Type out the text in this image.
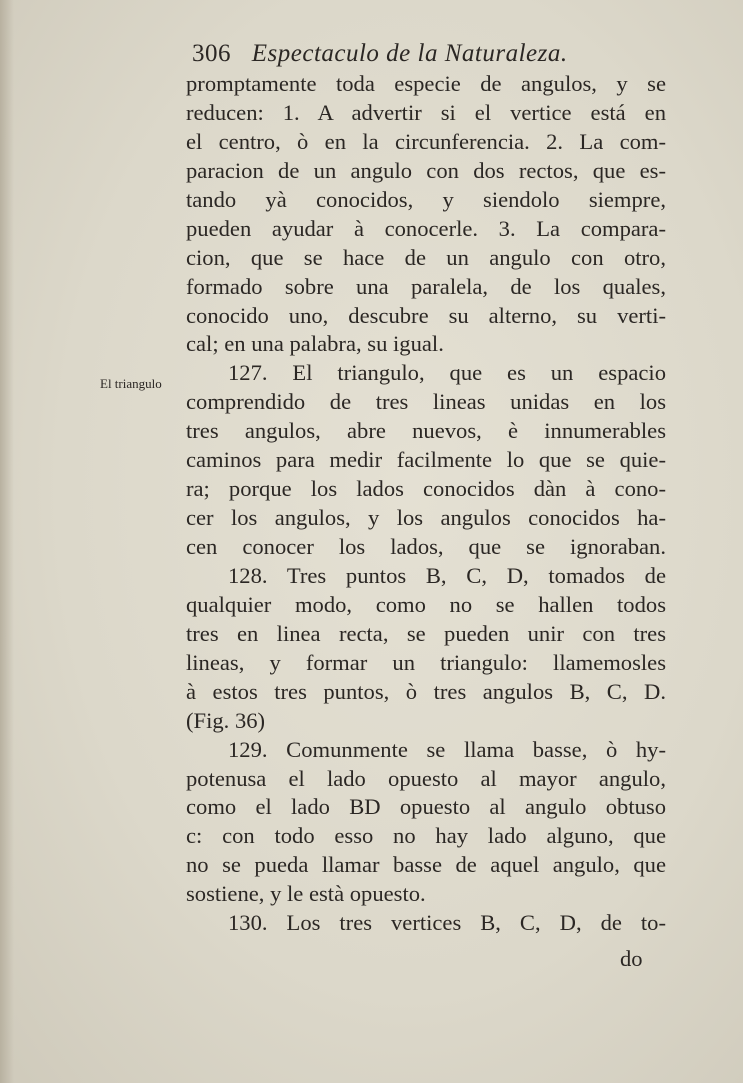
306 Espectaculo de la Naturaleza.
El triangulo
promptamente toda especie de angulos, y se
reducen: 1. A advertir si el vertice está en
el centro, ò en la circunferencia. 2. La com-
paracion de un angulo con dos rectos, que es-
tando yà conocidos, y siendolo siempre,
pueden ayudar à conocerle. 3. La compara-
cion, que se hace de un angulo con otro,
formado sobre una paralela, de los quales,
conocido uno, descubre su alterno, su verti-
cal; en una palabra, su igual.
127. El triangulo, que es un espacio
comprendido de tres lineas unidas en los
tres angulos, abre nuevos, è innumerables
caminos para medir facilmente lo que se quie-
ra; porque los lados conocidos dàn à cono-
cer los angulos, y los angulos conocidos ha-
cen conocer los lados, que se ignoraban.
128. Tres puntos B, C, D, tomados de
qualquier modo, como no se hallen todos
tres en linea recta, se pueden unir con tres
lineas, y formar un triangulo: llamemosles
à estos tres puntos, ò tres angulos B, C, D.
(Fig. 36)
129. Comunmente se llama basse, ò hy-
potenusa el lado opuesto al mayor angulo,
como el lado BD opuesto al angulo obtuso
c: con todo esso no hay lado alguno, que
no se pueda llamar basse de aquel angulo, que
sostiene, y le està opuesto.
130. Los tres vertices B, C, D, de to-
do
